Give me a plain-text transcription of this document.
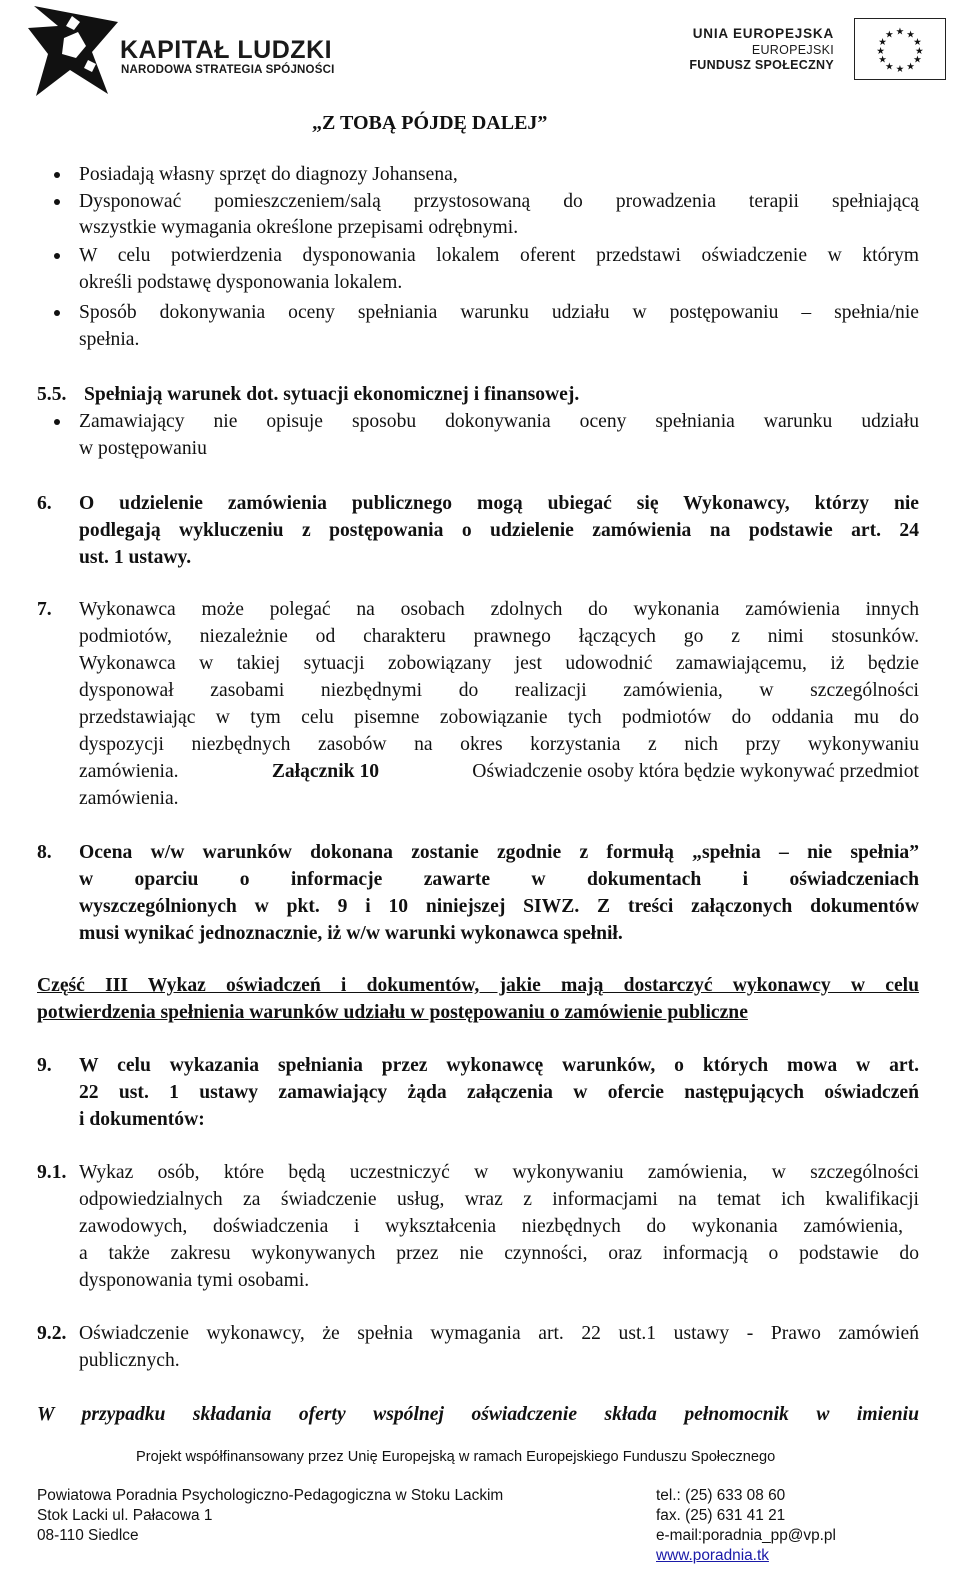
KAPITAŁ LUDZKI
NARODOWA STRATEGIA SPÓJNOŚCI
UNIA EUROPEJSKA
EUROPEJSKI
FUNDUSZ SPOŁECZNY
★ ★
★
★
★
★
★
★
★
★
★
★
„Z TOBĄ PÓJDĘ DALEJ”
Posiadają własny sprzęt do diagnozy Johansena,
Dysponować pomieszczeniem/salą przystosowaną do prowadzenia terapii spełniającą
wszystkie wymagania określone przepisami odrębnymi.
W celu potwierdzenia dysponowania lokalem oferent przedstawi oświadczenie w którym
określi podstawę dysponowania lokalem.
Sposób dokonywania oceny spełniania warunku udziału w postępowaniu – spełnia/nie
spełnia.
5.5. Spełniają warunek dot. sytuacji ekonomicznej i finansowej.
Zamawiający nie opisuje sposobu dokonywania oceny spełniania warunku udziału
w postępowaniu
6. O udzielenie zamówienia publicznego mogą ubiegać się Wykonawcy, którzy nie
podlegają wykluczeniu z postępowania o udzielenie zamówienia na podstawie art. 24
ust. 1 ustawy.
7. Wykonawca może polegać na osobach zdolnych do wykonania zamówienia innych
podmiotów, niezależnie od charakteru prawnego łączących go z nimi stosunków.
Wykonawca w takiej sytuacji zobowiązany jest udowodnić zamawiającemu, iż będzie
dysponował zasobami niezbędnymi do realizacji zamówienia, w szczególności
przedstawiając w tym celu pisemne zobowiązanie tych podmiotów do oddania mu do
dyspozycji niezbędnych zasobów na okres korzystania z nich przy wykonywaniu
zamówienia.	Załącznik 10	Oświadczenie osoby która będzie wykonywać przedmiot
zamówienia.
8. Ocena w/w warunków dokonana zostanie zgodnie z formułą „spełnia – nie spełnia”
w oparciu o informacje zawarte w dokumentach i oświadczeniach
wyszczególnionych w pkt. 9 i 10 niniejszej SIWZ. Z treści załączonych dokumentów
musi wynikać jednoznacznie, iż w/w warunki wykonawca spełnił.
Część III Wykaz oświadczeń i dokumentów, jakie mają dostarczyć wykonawcy w celu
potwierdzenia spełnienia warunków udziału w postępowaniu o zamówienie publiczne
9. W celu wykazania spełniania przez wykonawcę warunków, o których mowa w art.
22 ust. 1 ustawy zamawiający żąda załączenia w ofercie następujących oświadczeń
i dokumentów:
9.1. Wykaz osób, które będą uczestniczyć w wykonywaniu zamówienia, w szczególności
odpowiedzialnych za świadczenie usług, wraz z informacjami na temat ich kwalifikacji
zawodowych, doświadczenia i wykształcenia niezbędnych do wykonania zamówienia,
a także zakresu wykonywanych przez nie czynności, oraz informacją o podstawie do
dysponowania tymi osobami.
9.2. Oświadczenie wykonawcy, że spełnia wymagania art. 22 ust.1 ustawy - Prawo zamówień
publicznych.
W przypadku składania oferty wspólnej oświadczenie składa pełnomocnik w imieniu
Projekt współfinansowany przez Unię Europejską w ramach Europejskiego Funduszu Społecznego
Powiatowa Poradnia Psychologiczno-Pedagogiczna w Stoku Lackim
Stok Lacki ul. Pałacowa 1
08-110 Siedlce
tel.: (25) 633 08 60
fax. (25) 631 41 21
e-mail:poradnia_pp@vp.pl
www.poradnia.tk
